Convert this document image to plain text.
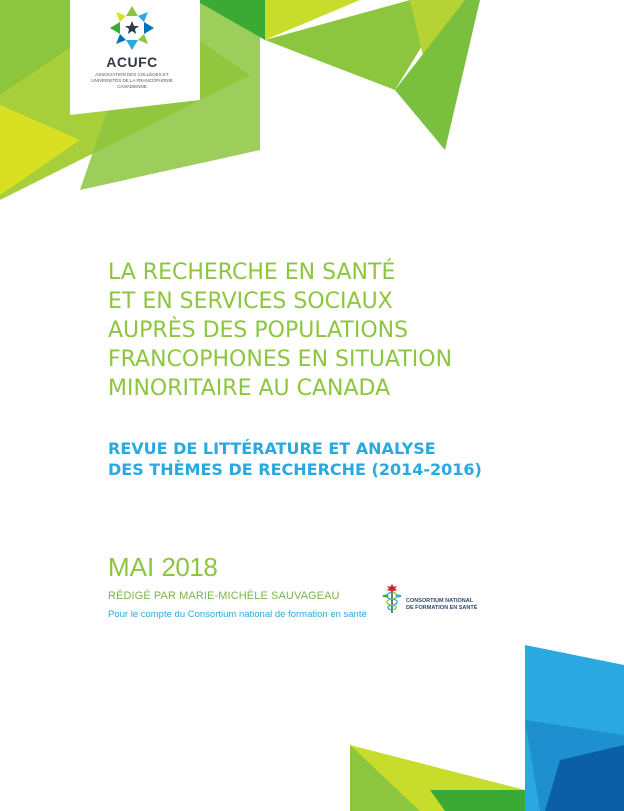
ACUFC
ASSOCIATION DES COLLÈGES ET UNIVERSITÉS DE LA FRANCOPHONIE CANADIENNE
LA RECHERCHE EN SANTÉ
ET EN SERVICES SOCIAUX
AUPRÈS DES POPULATIONS
FRANCOPHONES EN SITUATION
MINORITAIRE AU CANADA
REVUE DE LITTÉRATURE ET ANALYSE
DES THÈMES DE RECHERCHE (2014-2016)

MAI 2018

RÉDIGÉ PAR MARIE-MICHÈLE SAUVAGEAU

Pour le compte du Consortium national de formation en santé

CONSORTIUM NATIONAL
DE FORMATION EN SANTÉ
